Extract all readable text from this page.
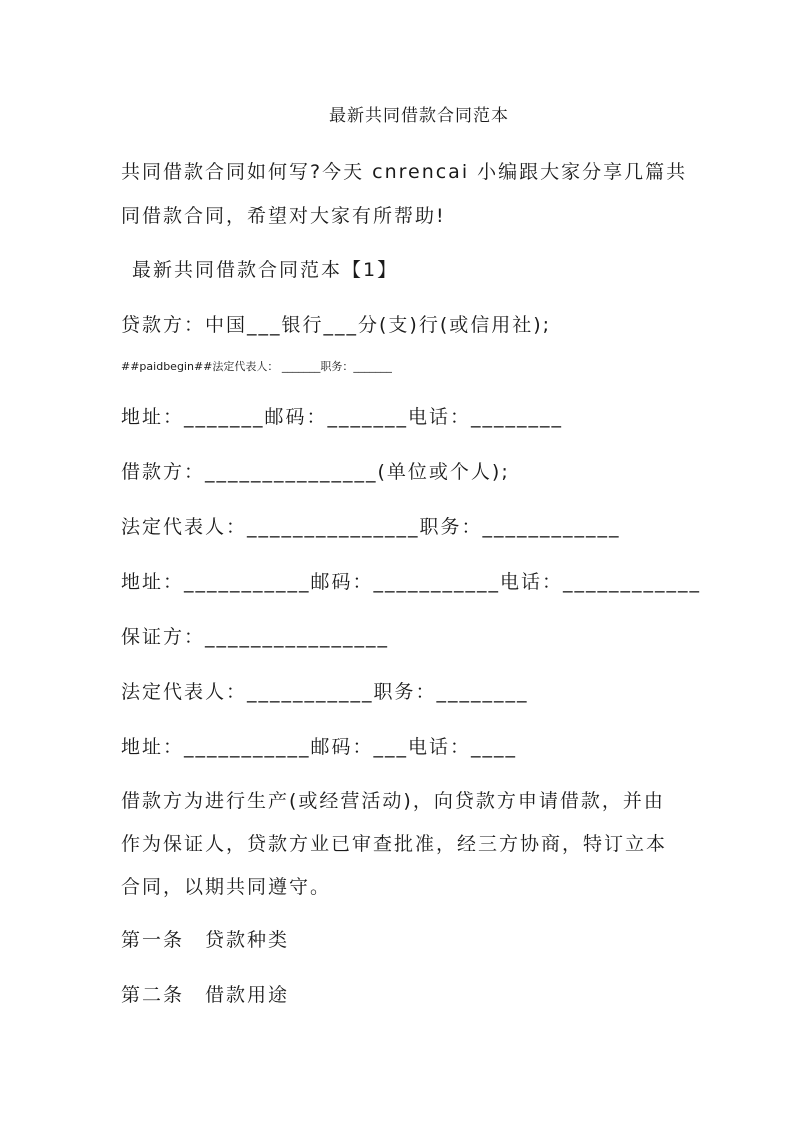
最新共同借款合同范本
共同借款合同如何写?今天 cnrencai 小编跟大家分享几篇共
同借款合同，希望对大家有所帮助!
最新共同借款合同范本【1】
贷款方：中国___银行___分(支)行(或信用社);
##paidbegin##法定代表人： _______职务：_______
地址：_______邮码：_______电话：________
借款方：_______________(单位或个人);
法定代表人：_______________职务：____________
地址：___________邮码：___________电话：____________
保证方：________________
法定代表人：___________职务：________
地址：___________邮码：___电话：____
借款方为进行生产(或经营活动)，向贷款方申请借款，并由
作为保证人，贷款方业已审查批准，经三方协商，特订立本
合同，以期共同遵守。
第一条　贷款种类
第二条　借款用途
